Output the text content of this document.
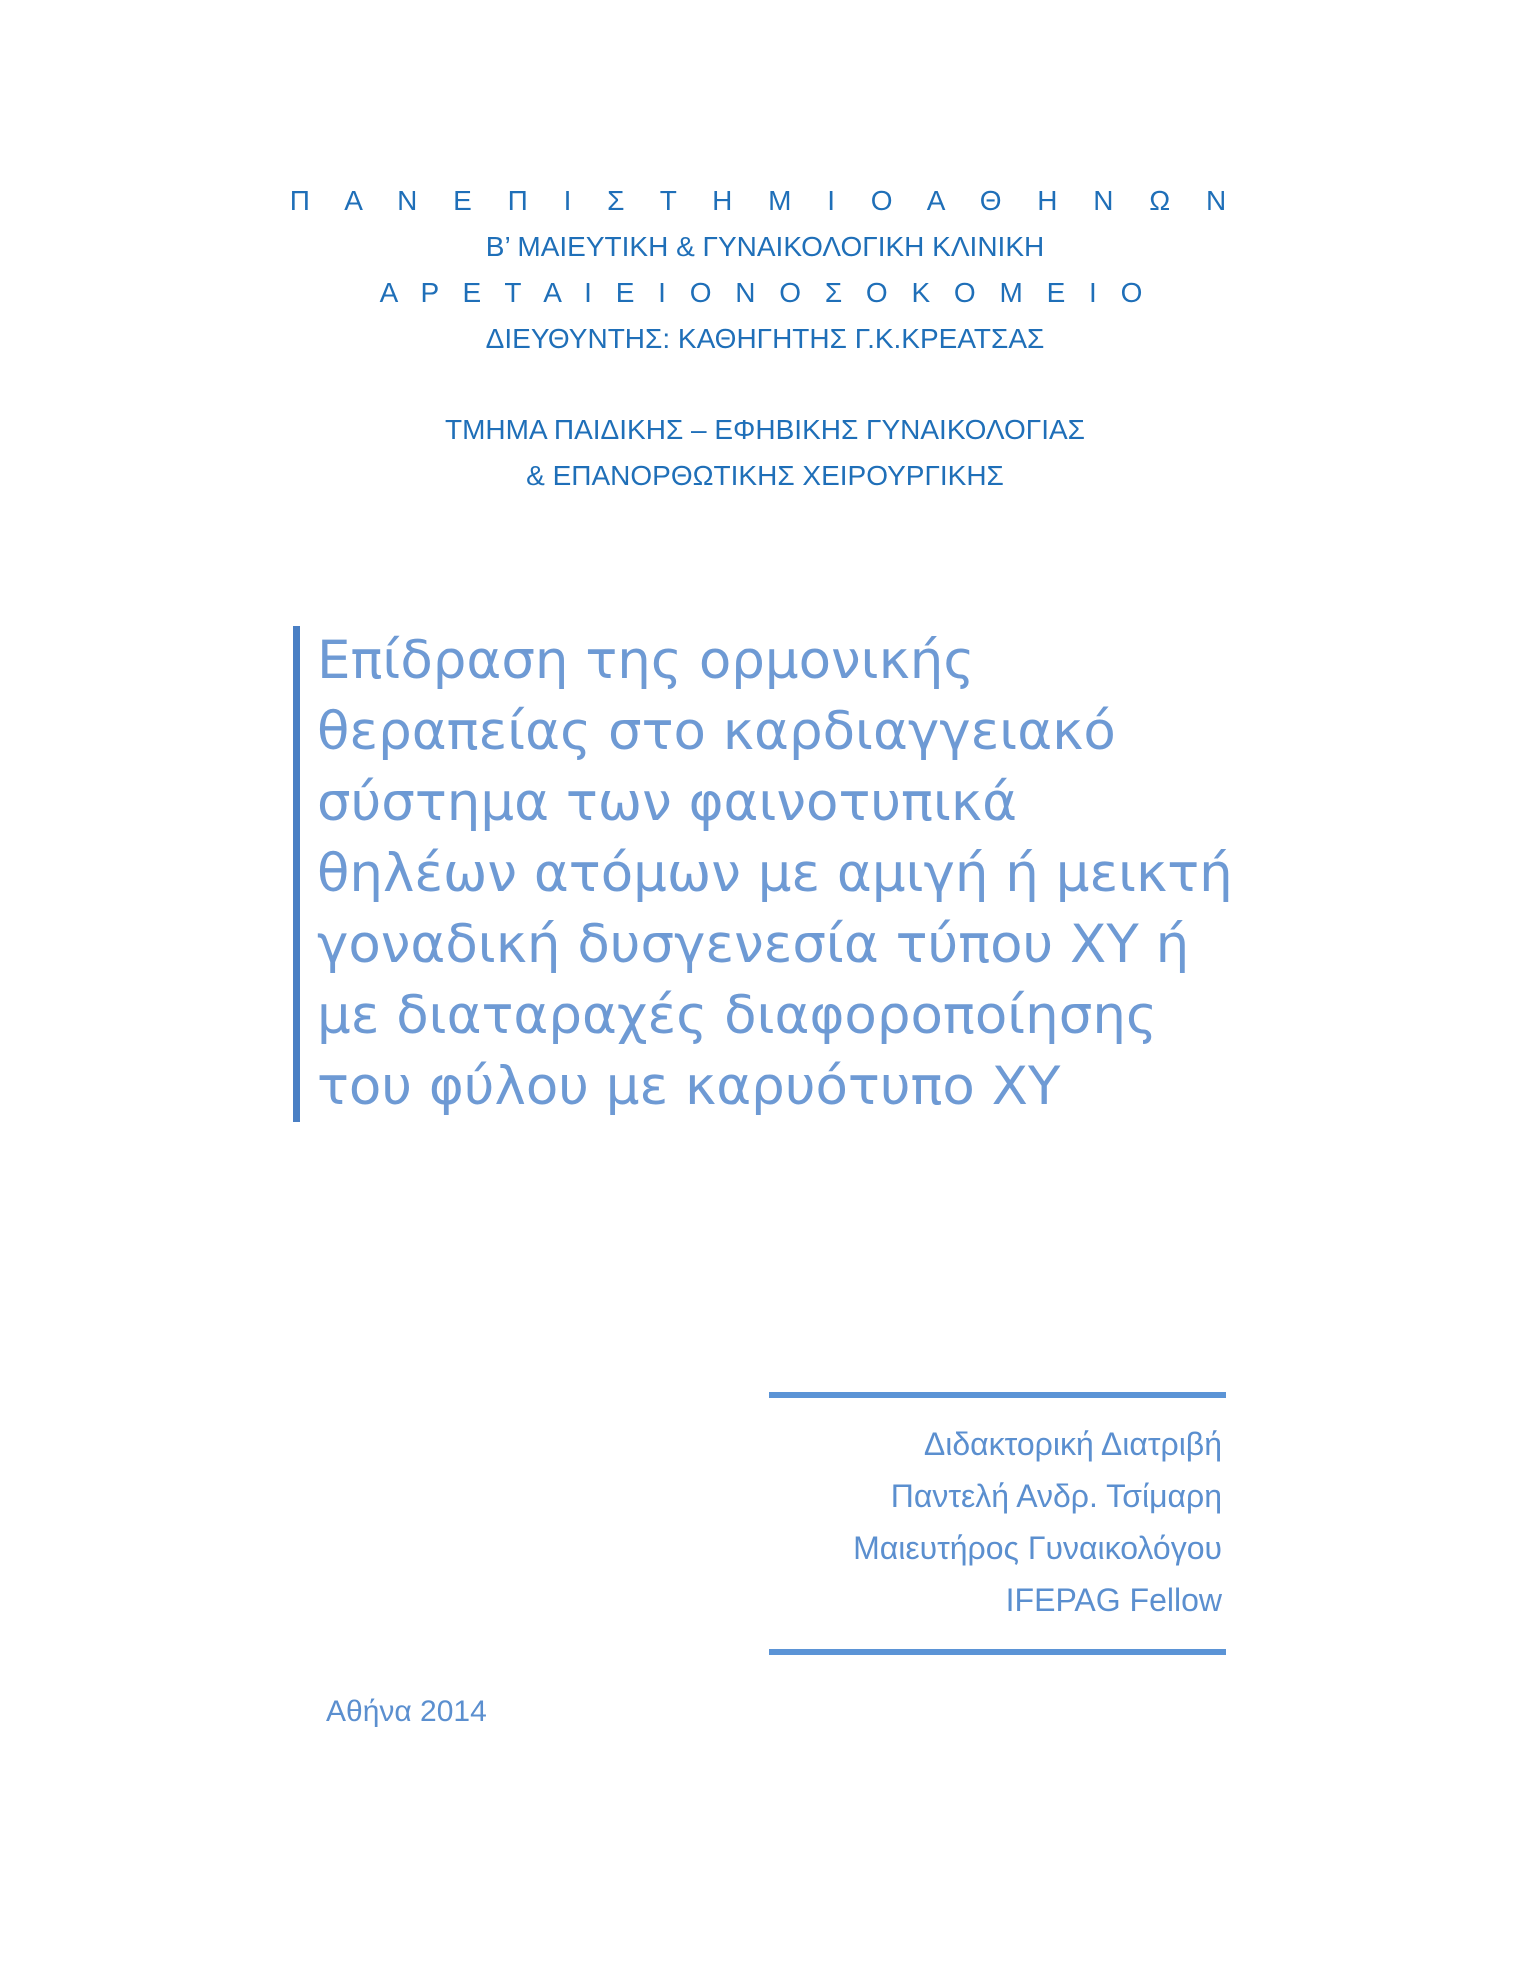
Π Α Ν Ε Π Ι Σ Τ Η Μ Ι Ο Α Θ Η Ν Ω Ν
Β’ ΜΑΙΕΥΤΙΚΗ & ΓΥΝΑΙΚΟΛΟΓΙΚΗ ΚΛΙΝΙΚΗ
Α Ρ Ε Τ Α Ι Ε Ι Ο Ν Ο Σ Ο Κ Ο Μ Ε Ι Ο
ΔΙΕΥΘΥΝΤΗΣ: ΚΑΘΗΓΗΤΗΣ Γ.Κ.ΚΡΕΑΤΣΑΣ
ΤΜΗΜΑ ΠΑΙΔΙΚΗΣ – ΕΦΗΒΙΚΗΣ ΓΥΝΑΙΚΟΛΟΓΙΑΣ
& ΕΠΑΝΟΡΘΩΤΙΚΗΣ ΧΕΙΡΟΥΡΓΙΚΗΣ
Επίδραση της ορμονικής
θεραπείας στο καρδιαγγειακό
σύστημα των φαινοτυπικά
θηλέων ατόμων με αμιγή ή μεικτή
γοναδική δυσγενεσία τύπου XY ή
με διαταραχές διαφοροποίησης
του φύλου με καρυότυπο XY
Διδακτορική Διατριβή
Παντελή Ανδρ. Τσίμαρη
Μαιευτήρος Γυναικολόγου
IFEPAG Fellow
Αθήνα 2014
